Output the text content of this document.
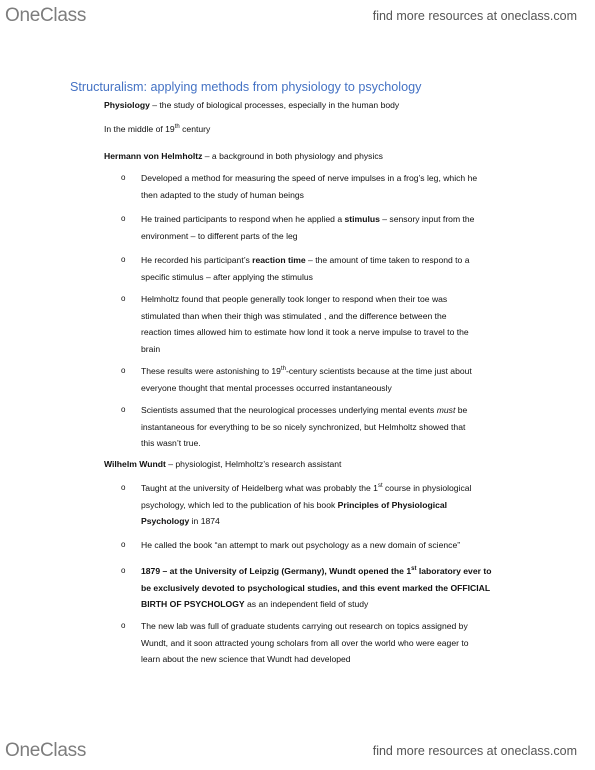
OneClass	find more resources at oneclass.com
Structuralism: applying methods from physiology to psychology
Physiology – the study of biological processes, especially in the human body
In the middle of 19th century
Hermann von Helmholtz – a background in both physiology and physics
o Developed a method for measuring the speed of nerve impulses in a frog’s leg, which he
then adapted to the study of human beings
o He trained participants to respond when he applied a stimulus – sensory input from the
environment – to different parts of the leg
o He recorded his participant’s reaction time – the amount of time taken to respond to a
specific stimulus – after applying the stimulus
o Helmholtz found that people generally took longer to respond when their toe was
stimulated than when their thigh was stimulated , and the difference between the
reaction times allowed him to estimate how lond it took a nerve impulse to travel to the
brain
o These results were astonishing to 19th-century scientists because at the time just about
everyone thought that mental processes occurred instantaneously
o Scientists assumed that the neurological processes underlying mental events must be
instantaneous for everything to be so nicely synchronized, but Helmholtz showed that
this wasn’t true.
Wilhelm Wundt – physiologist, Helmholtz’s research assistant
o Taught at the university of Heidelberg what was probably the 1st course in physiological
psychology, which led to the publication of his book Principles of Physiological
Psychology in 1874
o He called the book “an attempt to mark out psychology as a new domain of science”
o 1879 – at the University of Leipzig (Germany), Wundt opened the 1st laboratory ever to
be exclusively devoted to psychological studies, and this event marked the OFFICIAL
BIRTH OF PSYCHOLOGY as an independent field of study
o The new lab was full of graduate students carrying out research on topics assigned by
Wundt, and it soon attracted young scholars from all over the world who were eager to
learn about the new science that Wundt had developed
OneClass	find more resources at oneclass.com
